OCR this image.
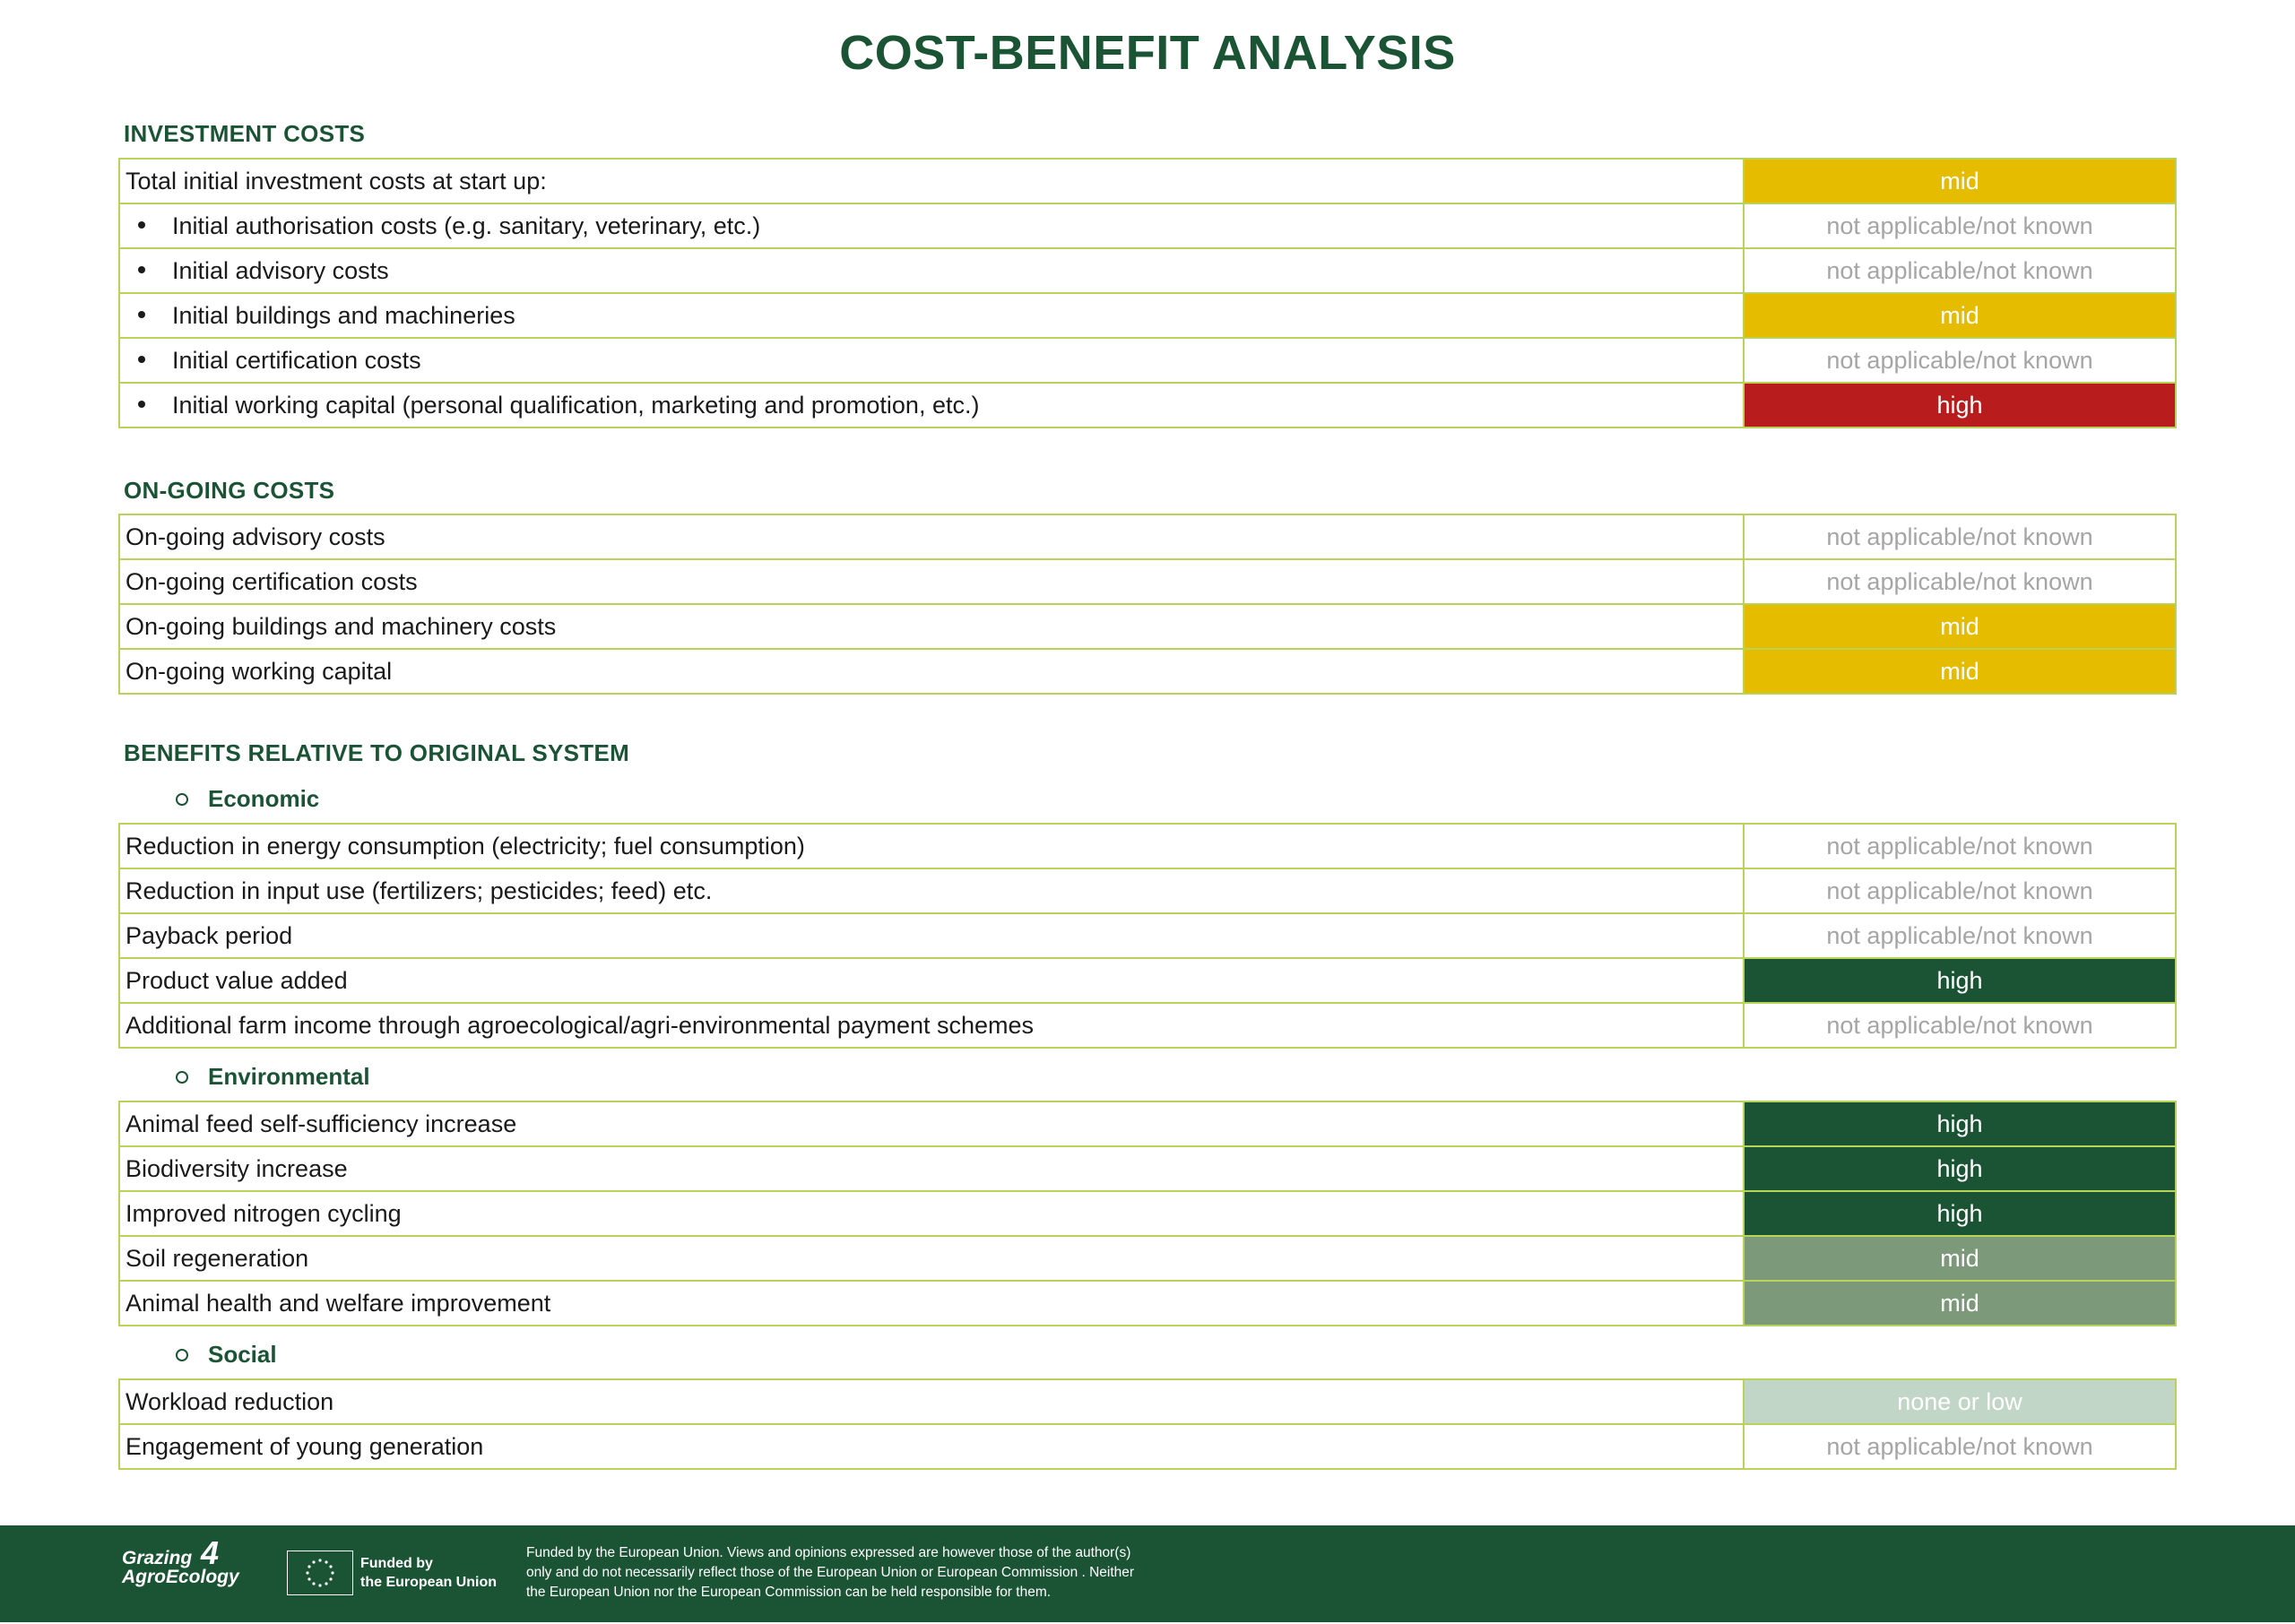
COST-BENEFIT ANALYSIS
INVESTMENT COSTS
Total initial investment costs at start up:	mid
Initial authorisation costs (e.g. sanitary, veterinary, etc.)	not applicable/not known
Initial advisory costs	not applicable/not known
Initial buildings and machineries	mid
Initial certification costs	not applicable/not known
Initial working capital (personal qualification, marketing and promotion, etc.)	high
ON-GOING COSTS
On-going advisory costs	not applicable/not known
On-going certification costs	not applicable/not known
On-going buildings and machinery costs	mid
On-going working capital	mid
BENEFITS RELATIVE TO ORIGINAL SYSTEM
Economic
Reduction in energy consumption (electricity; fuel consumption)	not applicable/not known
Reduction in input use (fertilizers; pesticides; feed) etc.	not applicable/not known
Payback period	not applicable/not known
Product value added	high
Additional farm income through agroecological/agri-environmental payment schemes	not applicable/not known
Environmental
Animal feed self-sufficiency increase	high
Biodiversity increase	high
Improved nitrogen cycling	high
Soil regeneration	mid
Animal health and welfare improvement	mid
Social
Workload reduction	none or low
Engagement of young generation	not applicable/not known
Grazing
AgroEcology
4	Funded by
the European Union
Funded by the European Union. Views and opinions expressed are however those of the author(s)
only and do not necessarily reflect those of the European Union or European Commission . Neither
the European Union nor the European Commission can be held responsible for them.
